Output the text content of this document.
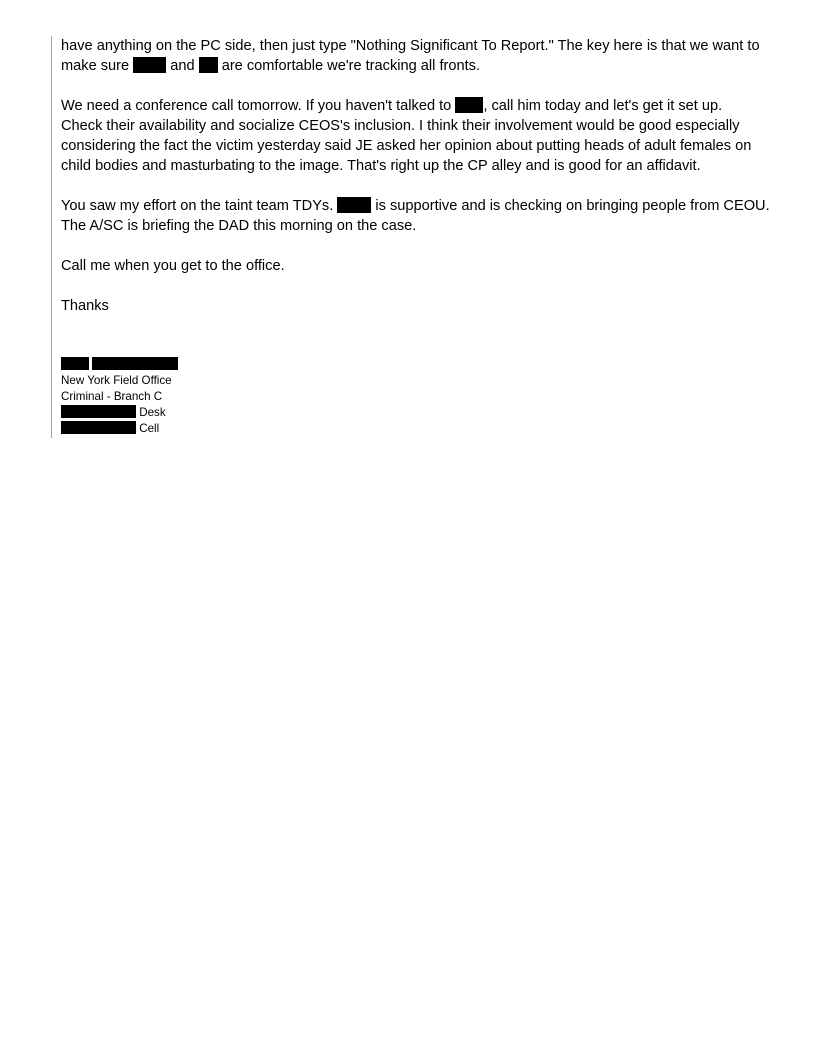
have anything on the PC side, then just type "Nothing Significant To Report." The key here is that we want to
make sure  and  are comfortable we're tracking all fronts.

We need a conference call tomorrow. If you haven't talked to , call him today and let's get it set up.
Check their availability and socialize CEOS's inclusion. I think their involvement would be good especially
considering the fact the victim yesterday said JE asked her opinion about putting heads of adult females on
child bodies and masturbating to the image. That's right up the CP alley and is good for an affidavit.

You saw my effort on the taint team TDYs.  is supportive and is checking on bringing people from CEOU.
The A/SC is briefing the DAD this morning on the case.

Call me when you get to the office.

Thanks

New York Field Office
Criminal - Branch C
Desk
Cell
